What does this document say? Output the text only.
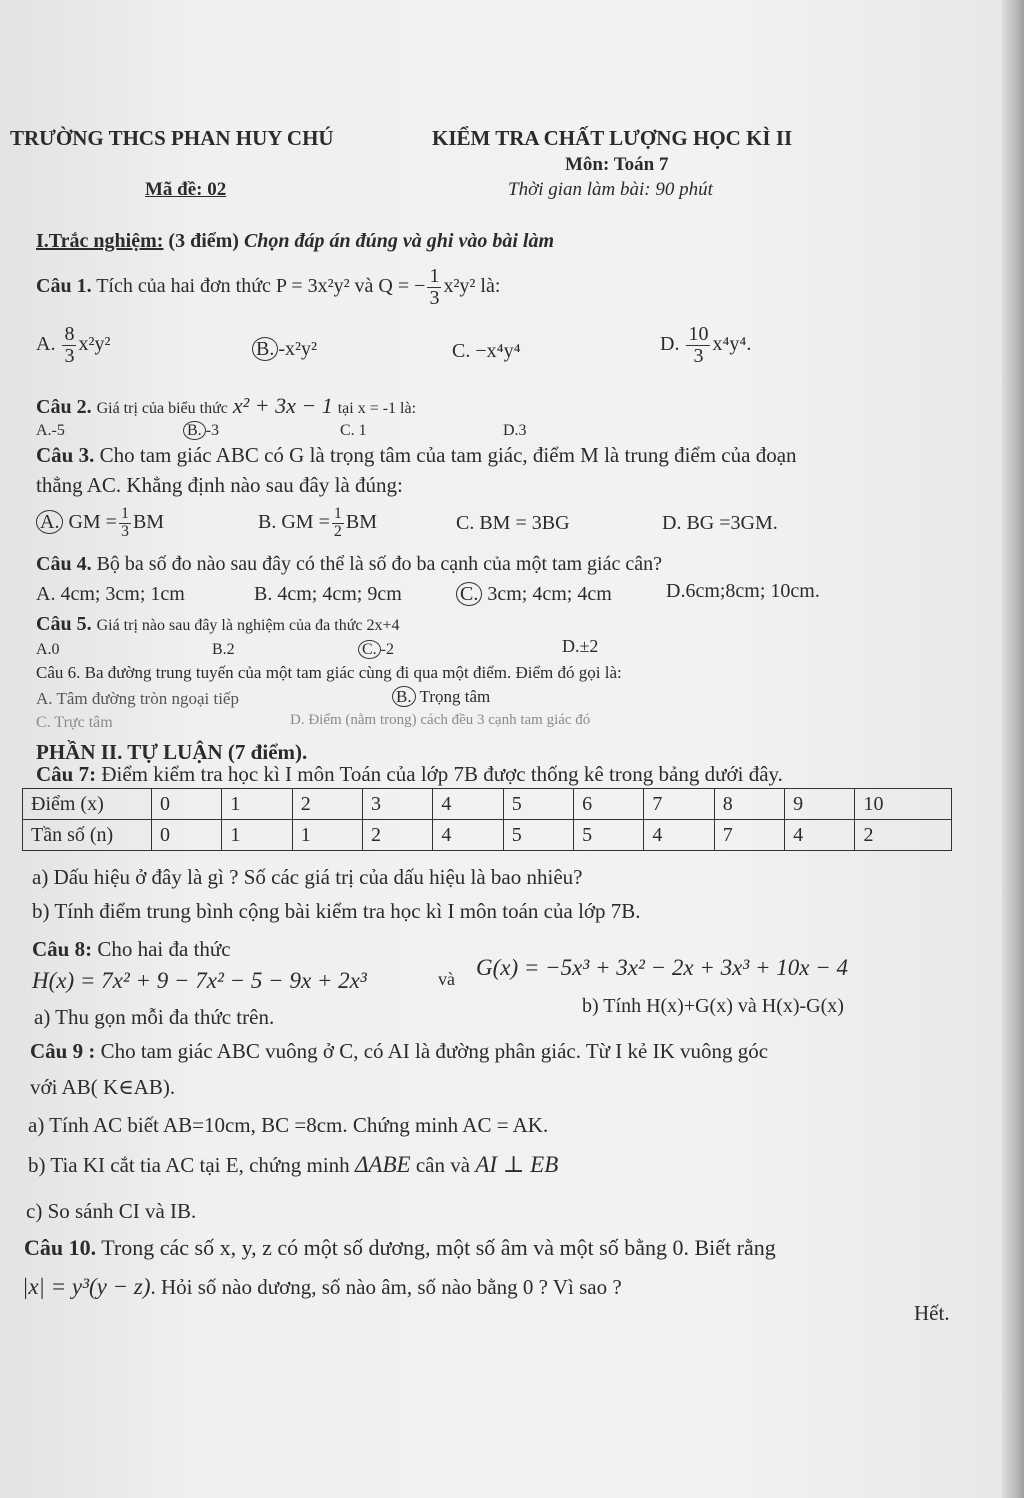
TRƯỜNG THCS PHAN HUY CHÚ	KIỂM TRA CHẤT LƯỢNG HỌC KÌ II
Môn: Toán 7
Mã đề: 02	Thời gian làm bài: 90 phút
I.Trắc nghiệm: (3 điểm) Chọn đáp án đúng và ghi vào bài làm
Câu 1. Tích của hai đơn thức P = 3x²y² và Q = − $\frac{1}{3} x^2y^2$ là:
A. $\frac{8}{3} x^2y^2$	B. -x²y²	C. −x⁴y⁴	D. $\frac{10}{3} x^4y^4$.
Câu 2. Giá trị của biểu thức x² + 3x − 1 tại x = -1 là:
A.-5	B. -3	C. 1	D.3
Câu 3. Cho tam giác ABC có G là trọng tâm của tam giác, điểm M là trung điểm của đoạn
thẳng AC. Khẳng định nào sau đây là đúng:
A. GM = $\frac{1}{3}$ BM	B. GM = $\frac{1}{2}$ BM	C. BM = 3BG	D. BG =3GM.
Câu 4. Bộ ba số đo nào sau đây có thể là số đo ba cạnh của một tam giác cân?
A. 4cm; 3cm; 1cm	B. 4cm; 4cm; 9cm	C. 3cm; 4cm; 4cm	D.6cm;8cm; 10cm.
Câu 5. Giá trị nào sau đây là nghiệm của đa thức 2x+4
A.0	B.2	C. -2	D.±2
Câu 6. Ba đường trung tuyến của một tam giác cùng đi qua một điểm. Điểm đó gọi là:
A. Tâm đường tròn ngoại tiếp	B. Trọng tâm
C. Trực tâm	D. Điểm (nằm trong) cách đều 3 cạnh tam giác đó
PHẦN II. TỰ LUẬN (7 điểm).
Câu 7: Điểm kiểm tra học kì I môn Toán của lớp 7B được thống kê trong bảng dưới đây.
Điểm (x)	0	1	2	3	4	5	6	7	8	9	10
Tần số (n)	0	1	1	2	4	5	5	4	7	4	2
a) Dấu hiệu ở đây là gì ? Số các giá trị của dấu hiệu là bao nhiêu?
b) Tính điểm trung bình cộng bài kiểm tra học kì I môn toán của lớp 7B.
Câu 8: Cho hai đa thức
H(x) = 7x² + 9 − 7x² − 5 − 9x + 2x³	và G(x) = −5x³ + 3x² − 2x + 3x³ + 10x − 4
a) Thu gọn mỗi đa thức trên.	b) Tính H(x)+G(x) và H(x)-G(x)
Câu 9 : Cho tam giác ABC vuông ở C, có AI là đường phân giác. Từ I kẻ IK vuông góc
với AB( K∈AB).
a) Tính AC biết AB=10cm, BC =8cm. Chứng minh AC = AK.
b) Tia KI cắt tia AC tại E, chứng minh ΔABE cân và AI ⊥ EB
c) So sánh CI và IB.
Câu 10. Trong các số x, y, z có một số dương, một số âm và một số bằng 0. Biết rằng
|x| = y³(y − z). Hỏi số nào dương, số nào âm, số nào bằng 0 ? Vì sao ?
Hết.
